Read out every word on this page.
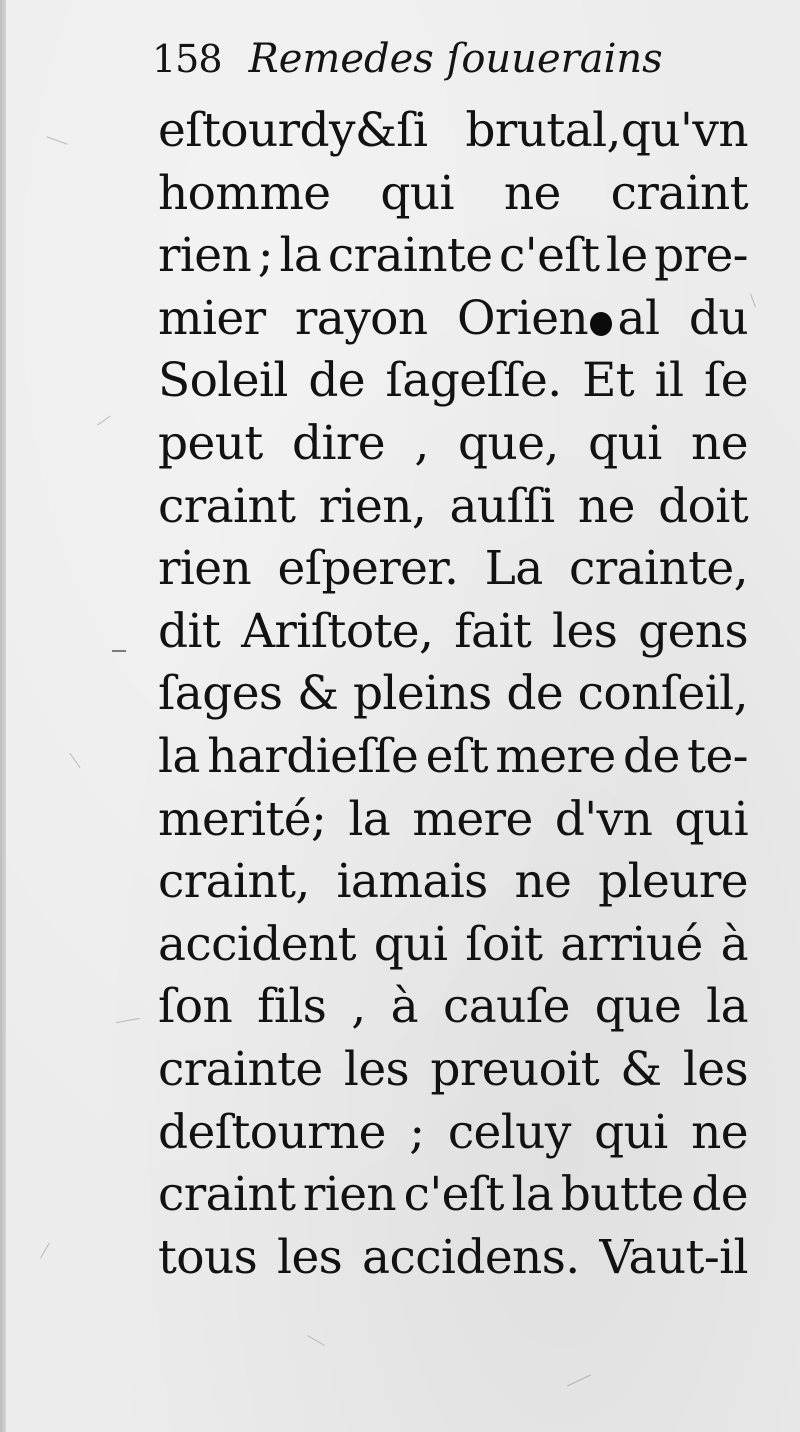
158 Remedes ſouuerains
eſtourdy&ſi brutal,qu'vn
homme qui ne craint
rien ; la crainte c'eſt le pre-
mier rayon Orien al du
Soleil de ſageſſe. Et il ſe
peut dire , que, qui ne
craint rien, auſſi ne doit
rien eſperer. La crainte,
dit Ariſtote, fait les gens
ſages & pleins de conſeil,
la hardieſſe eſt mere de te-
merité; la mere d'vn qui
craint, iamais ne pleure
accident qui ſoit arriué à
ſon fils , à cauſe que la
crainte les preuoit & les
deſtourne ; celuy qui ne
craint rien c'eſt la butte de
tous les accidens. Vaut-il
